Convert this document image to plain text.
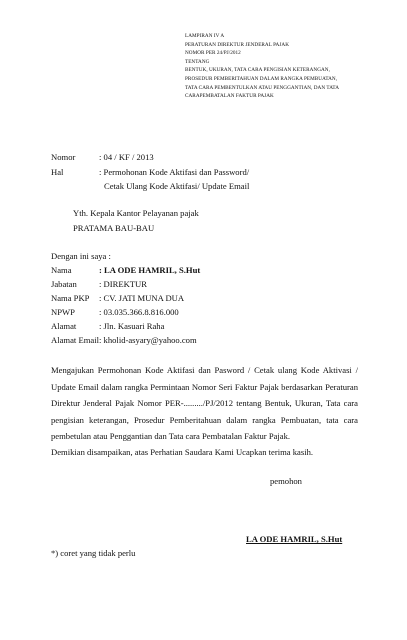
LAMPIRAN IV A
PERATURAN DIREKTUR JENDERAL PAJAK
NOMOR PER 24/PJ/2012
TENTANG
BENTUK, UKURAN, TATA CARA PENGISIAN KETERANGAN,
PROSEDUR PEMBERITAHUAN DALAM RANGKA PEMBUATAN,
TATA CARA PEMBENTULKAN ATAU PENGGANTIAN, DAN TATA
CARAPEMBATALAN FAKTUR PAJAK
Nomor	: 04 / KF / 2013
Hal	: Permohonan Kode Aktifasi dan Password/
Cetak Ulang Kode Aktifasi/ Update Email
Yth. Kepala Kantor Pelayanan pajak
PRATAMA BAU-BAU
Dengan ini saya :
Nama	: LA ODE HAMRIL, S.Hut
Jabatan	: DIREKTUR
Nama PKP : CV. JATI MUNA DUA
NPWP	: 03.035.366.8.816.000
Alamat	: Jln. Kasuari Raha
Alamat Email : kholid-asyary@yahoo.com
Mengajukan Permohonan Kode Aktifasi dan Pasword / Cetak ulang Kode Aktivasi / Update Email dalam rangka Permintaan Nomor Seri Faktur Pajak berdasarkan Peraturan Direktur Jenderal Pajak Nomor PER-........./PJ/2012 tentang Bentuk, Ukuran, Tata cara pengisian keterangan, Prosedur Pemberitahuan dalam rangka Pembuatan, tata cara pembetulan atau Penggantian dan Tata cara Pembatalan Faktur Pajak.
Demikian disampaikan, atas Perhatian Saudara Kami Ucapkan terima kasih.
pemohon
LA ODE HAMRIL, S.Hut
*) coret yang tidak perlu
